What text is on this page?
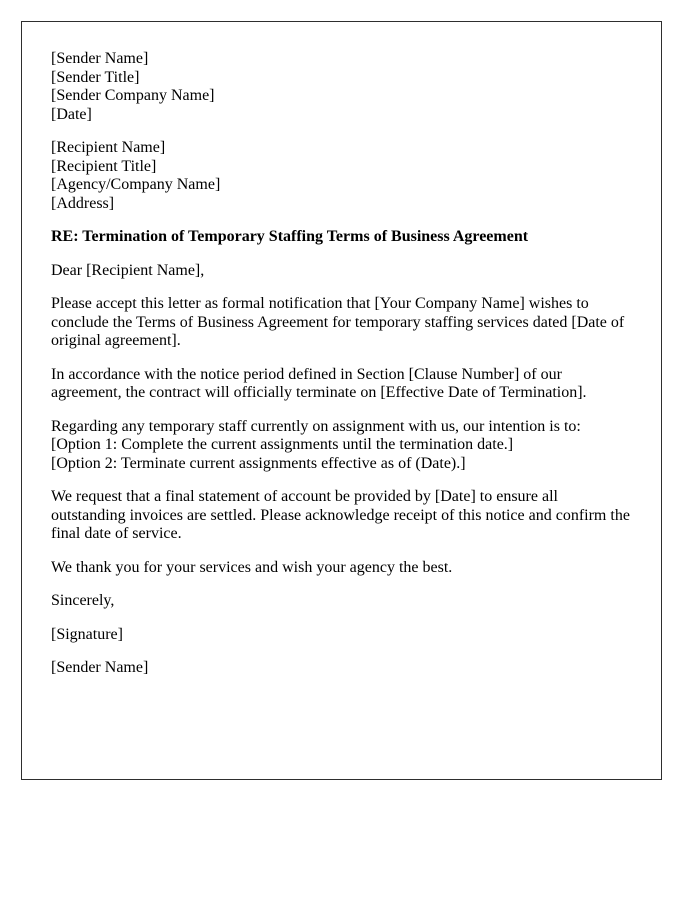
[Sender Name]
[Sender Title]
[Sender Company Name]
[Date]
[Recipient Name]
[Recipient Title]
[Agency/Company Name]
[Address]
RE: Termination of Temporary Staffing Terms of Business Agreement
Dear [Recipient Name],
Please accept this letter as formal notification that [Your Company Name] wishes to
conclude the Terms of Business Agreement for temporary staffing services dated [Date of
original agreement].
In accordance with the notice period defined in Section [Clause Number] of our
agreement, the contract will officially terminate on [Effective Date of Termination].
Regarding any temporary staff currently on assignment with us, our intention is to:
[Option 1: Complete the current assignments until the termination date.]
[Option 2: Terminate current assignments effective as of (Date).]
We request that a final statement of account be provided by [Date] to ensure all
outstanding invoices are settled. Please acknowledge receipt of this notice and confirm the
final date of service.
We thank you for your services and wish your agency the best.
Sincerely,
[Signature]
[Sender Name]
